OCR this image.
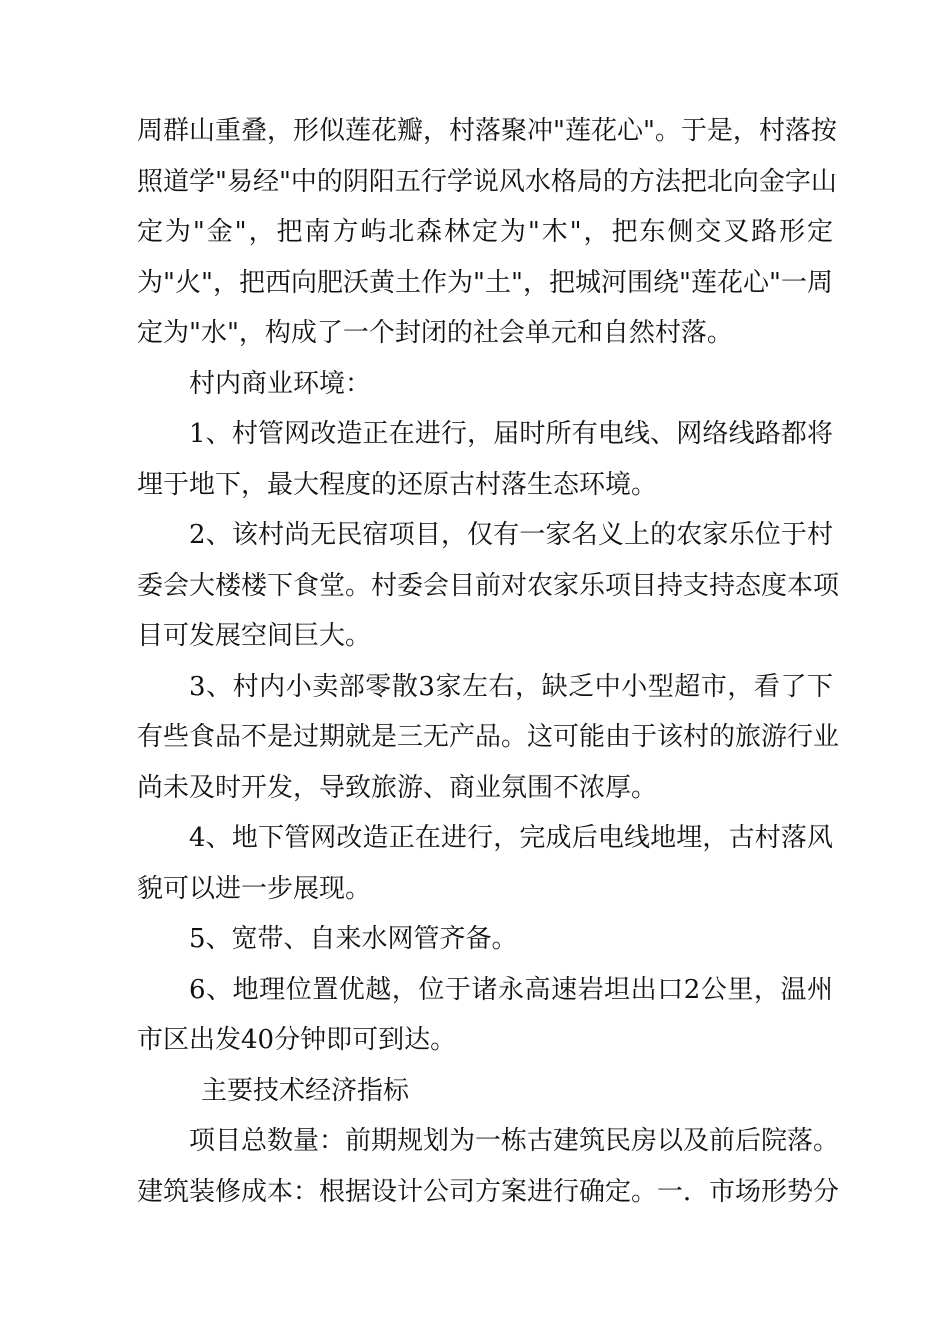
周群山重叠，形似莲花瓣，村落聚冲"莲花心"。于是，村落按
照道学"易经"中的阴阳五行学说风水格局的方法把北向金字山
定为"金"，把南方屿北森林定为"木"，把东侧交叉路形定
为"火"，把西向肥沃黄土作为"土"，把城河围绕"莲花心"一周
定为"水"，构成了一个封闭的社会单元和自然村落。
村内商业环境：
1、村管网改造正在进行，届时所有电线、网络线路都将
埋于地下，最大程度的还原古村落生态环境。
2、该村尚无民宿项目，仅有一家名义上的农家乐位于村
委会大楼楼下食堂。村委会目前对农家乐项目持支持态度本项
目可发展空间巨大。
3、村内小卖部零散3家左右，缺乏中小型超市，看了下
有些食品不是过期就是三无产品。这可能由于该村的旅游行业
尚未及时开发，导致旅游、商业氛围不浓厚。
4、地下管网改造正在进行，完成后电线地埋，古村落风
貌可以进一步展现。
5、宽带、自来水网管齐备。
6、地理位置优越，位于诸永高速岩坦出口2公里，温州
市区出发40分钟即可到达。
主要技术经济指标
项目总数量：前期规划为一栋古建筑民房以及前后院落。
建筑装修成本：根据设计公司方案进行确定。一．市场形势分
